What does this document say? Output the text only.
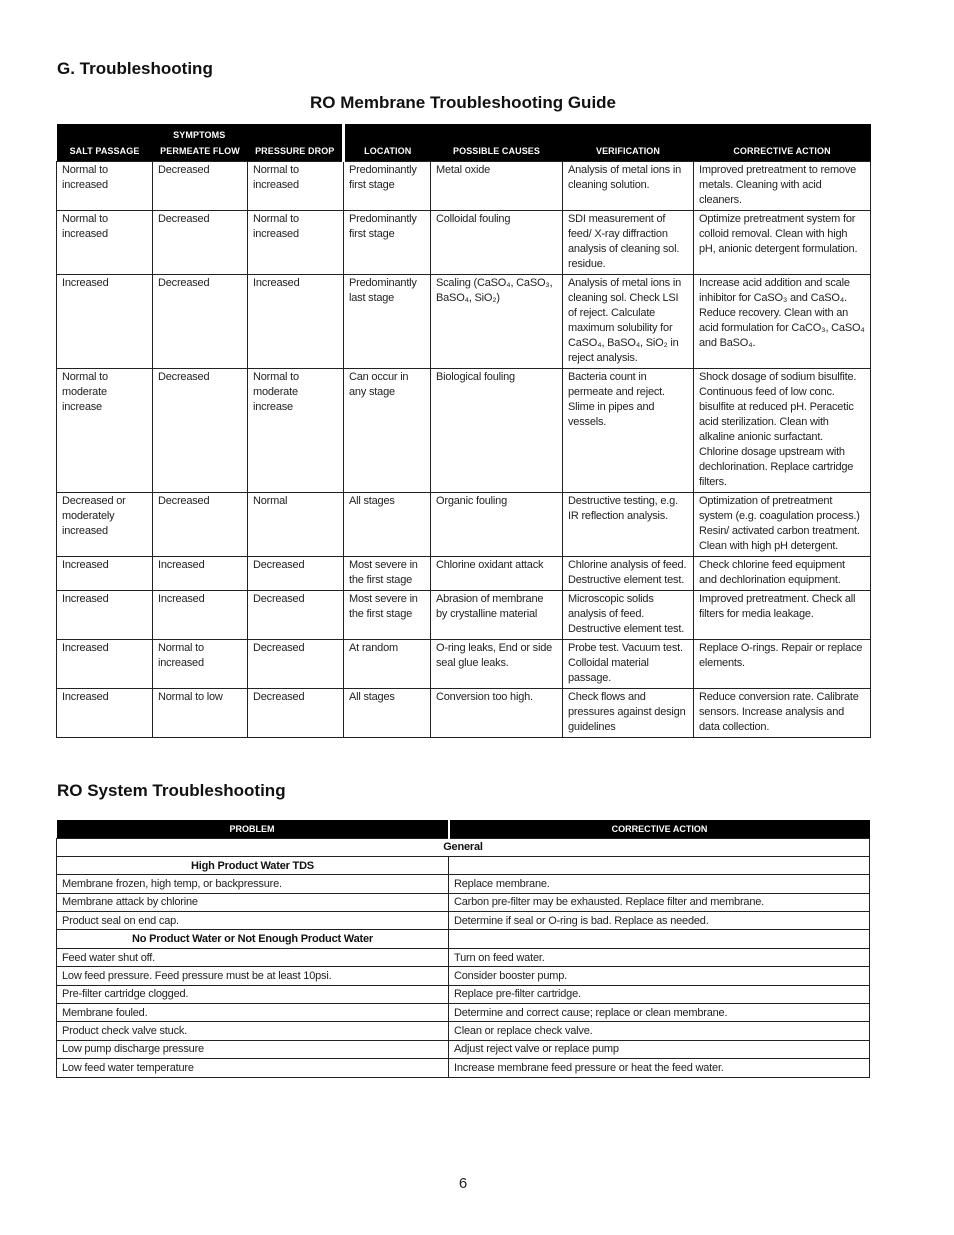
G. Troubleshooting
RO Membrane Troubleshooting Guide
SYMPTOMS						
SALT PASSAGE	PERMEATE FLOW	PRESSURE DROP	LOCATION	POSSIBLE CAUSES	VERIFICATION	CORRECTIVE ACTION
Normal to increased	Decreased	Normal to increased	Predominantly first stage	Metal oxide	Analysis of metal ions in cleaning solution.	Improved pretreatment to remove metals. Cleaning with acid cleaners.
Normal to increased	Decreased	Normal to increased	Predominantly first stage	Colloidal fouling	SDI measurement of feed/ X-ray diffraction analysis of cleaning sol. residue.	Optimize pretreatment system for colloid removal. Clean with high pH, anionic detergent formulation.
Increased	Decreased	Increased	Predominantly last stage	Scaling (CaSO₄, CaSO₃, BaSO₄, SiO₂)	Analysis of metal ions in cleaning sol. Check LSI of reject. Calculate maximum solubility for CaSO₄, BaSO₄, SiO₂ in reject analysis.	Increase acid addition and scale inhibitor for CaSO₃ and CaSO₄. Reduce recovery. Clean with an acid formulation for CaCO₃, CaSO₄ and BaSO₄.
Normal to moderate increase	Decreased	Normal to moderate increase	Can occur in any stage	Biological fouling	Bacteria count in permeate and reject. Slime in pipes and vessels.	Shock dosage of sodium bisulfite. Continuous feed of low conc. bisulfite at reduced pH. Peracetic acid sterilization. Clean with alkaline anionic surfactant. Chlorine dosage upstream with dechlorination. Replace cartridge filters.
Decreased or moderately increased	Decreased	Normal	All stages	Organic fouling	Destructive testing, e.g. IR reflection analysis.	Optimization of pretreatment system (e.g. coagulation process.) Resin/ activated carbon treatment. Clean with high pH detergent.
Increased	Increased	Decreased	Most severe in the first stage	Chlorine oxidant attack	Chlorine analysis of feed. Destructive element test.	Check chlorine feed equipment and dechlorination equipment.
Increased	Increased	Decreased	Most severe in the first stage	Abrasion of membrane by crystalline material	Microscopic solids analysis of feed. Destructive element test.	Improved pretreatment. Check all filters for media leakage.
Increased	Normal to increased	Decreased	At random	O-ring leaks, End or side seal glue leaks.	Probe test. Vacuum test. Colloidal material passage.	Replace O-rings. Repair or replace elements.
Increased	Normal to low	Decreased	All stages	Conversion too high.	Check flows and pressures against design guidelines	Reduce conversion rate. Calibrate sensors. Increase analysis and data collection.
RO System Troubleshooting
PROBLEM	CORRECTIVE ACTION
General	
High Product Water TDS	
Membrane frozen, high temp, or backpressure.	Replace membrane.
Membrane attack by chlorine	Carbon pre-filter may be exhausted. Replace filter and membrane.
Product seal on end cap.	Determine if seal or O-ring is bad. Replace as needed.
No Product Water or Not Enough Product Water	
Feed water shut off.	Turn on feed water.
Low feed pressure. Feed pressure must be at least 10psi.	Consider booster pump.
Pre-filter cartridge clogged.	Replace pre-filter cartridge.
Membrane fouled.	Determine and correct cause; replace or clean membrane.
Product check valve stuck.	Clean or replace check valve.
Low pump discharge pressure	Adjust reject valve or replace pump
Low feed water temperature	Increase membrane feed pressure or heat the feed water.
6
